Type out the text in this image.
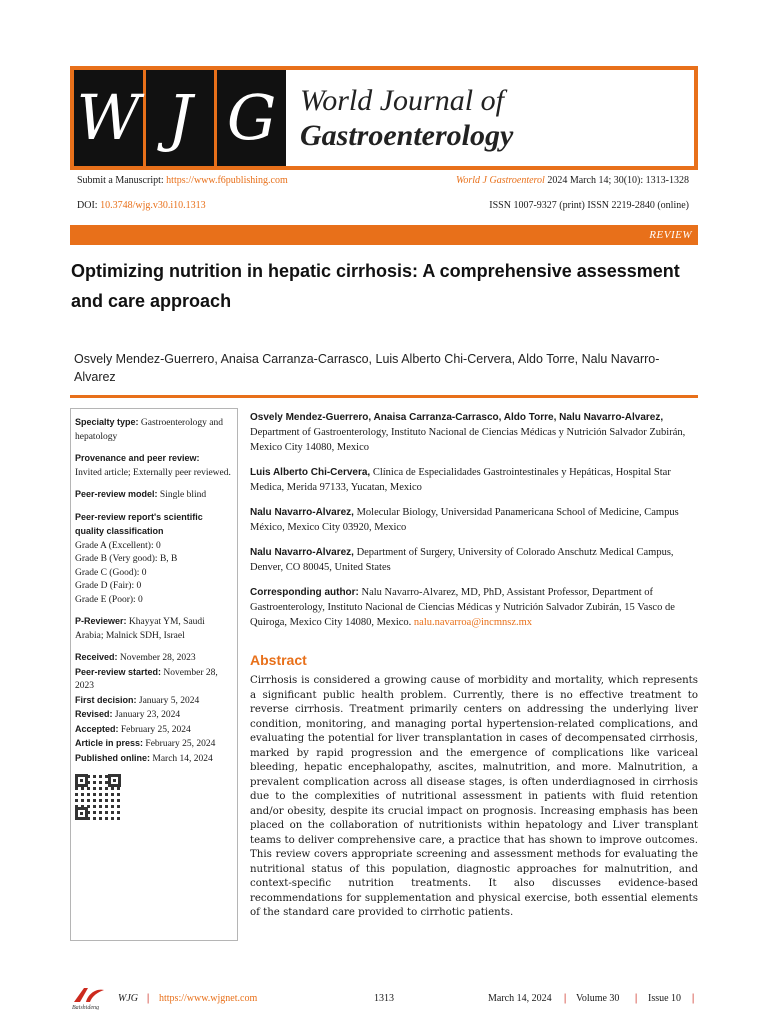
W J G World Journal of
Gastroenterology
Submit a Manuscript: https://www.f6publishing.com	World J Gastroenterol 2024 March 14; 30(10): 1313-1328
DOI: 10.3748/wjg.v30.i10.1313	ISSN 1007-9327 (print) ISSN 2219-2840 (online)
REVIEW
Optimizing nutrition in hepatic cirrhosis: A comprehensive assessment and care approach
Osvely Mendez-Guerrero, Anaisa Carranza-Carrasco, Luis Alberto Chi-Cervera, Aldo Torre, Nalu Navarro-Alvarez
Specialty type: Gastroenterology and hepatology
Provenance and peer review:
Invited article; Externally peer reviewed.
Peer-review model: Single blind
Peer-review report's scientific quality classification
Grade A (Excellent): 0
Grade B (Very good): B, B
Grade C (Good): 0
Grade D (Fair): 0
Grade E (Poor): 0
P-Reviewer: Khayyat YM, Saudi Arabia; Malnick SDH, Israel
Received: November 28, 2023
Peer-review started: November 28, 2023
First decision: January 5, 2024
Revised: January 23, 2024
Accepted: February 25, 2024
Article in press: February 25, 2024
Published online: March 14, 2024

Osvely Mendez-Guerrero, Anaisa Carranza-Carrasco, Aldo Torre, Nalu Navarro-Alvarez, Department of Gastroenterology, Instituto Nacional de Ciencias Médicas y Nutrición Salvador Zubirán, Mexico City 14080, Mexico

Luis Alberto Chi-Cervera, Clínica de Especialidades Gastrointestinales y Hepáticas, Hospital Star Medica, Merida 97133, Yucatan, Mexico

Nalu Navarro-Alvarez, Molecular Biology, Universidad Panamericana School of Medicine, Campus México, Mexico City 03920, Mexico

Nalu Navarro-Alvarez, Department of Surgery, University of Colorado Anschutz Medical Campus, Denver, CO 80045, United States

Corresponding author: Nalu Navarro-Alvarez, MD, PhD, Assistant Professor, Department of Gastroenterology, Instituto Nacional de Ciencias Médicas y Nutrición Salvador Zubirán, 15 Vasco de Quiroga, Mexico City 14080, Mexico. nalu.navarroa@incmnsz.mx

Abstract

Cirrhosis is considered a growing cause of morbidity and mortality, which represents a significant public health problem. Currently, there is no effective treatment to reverse cirrhosis. Treatment primarily centers on addressing the underlying liver condition, monitoring, and managing portal hypertension-related complications, and evaluating the potential for liver transplantation in cases of decompensated cirrhosis, marked by rapid progression and the emergence of complications like variceal bleeding, hepatic encephalopathy, ascites, malnutrition, and more. Malnutrition, a prevalent complication across all disease stages, is often underdiagnosed in cirrhosis due to the complexities of nutritional assessment in patients with fluid retention and/or obesity, despite its crucial impact on prognosis. Increasing emphasis has been placed on the collaboration of nutritionists within hepatology and Liver transplant teams to deliver comprehensive care, a practice that has shown to improve outcomes. This review covers appropriate screening and assessment methods for evaluating the nutritional status of this population, diagnostic approaches for malnutrition, and context-specific nutrition treatments. It also discusses evidence-based recommendations for supplementation and physical exercise, both essential elements of the standard care provided to cirrhotic patients.

Baishideng
WJG | https://www.wjgnet.com	1313	March 14, 2024 | Volume 30 | Issue 10 |
